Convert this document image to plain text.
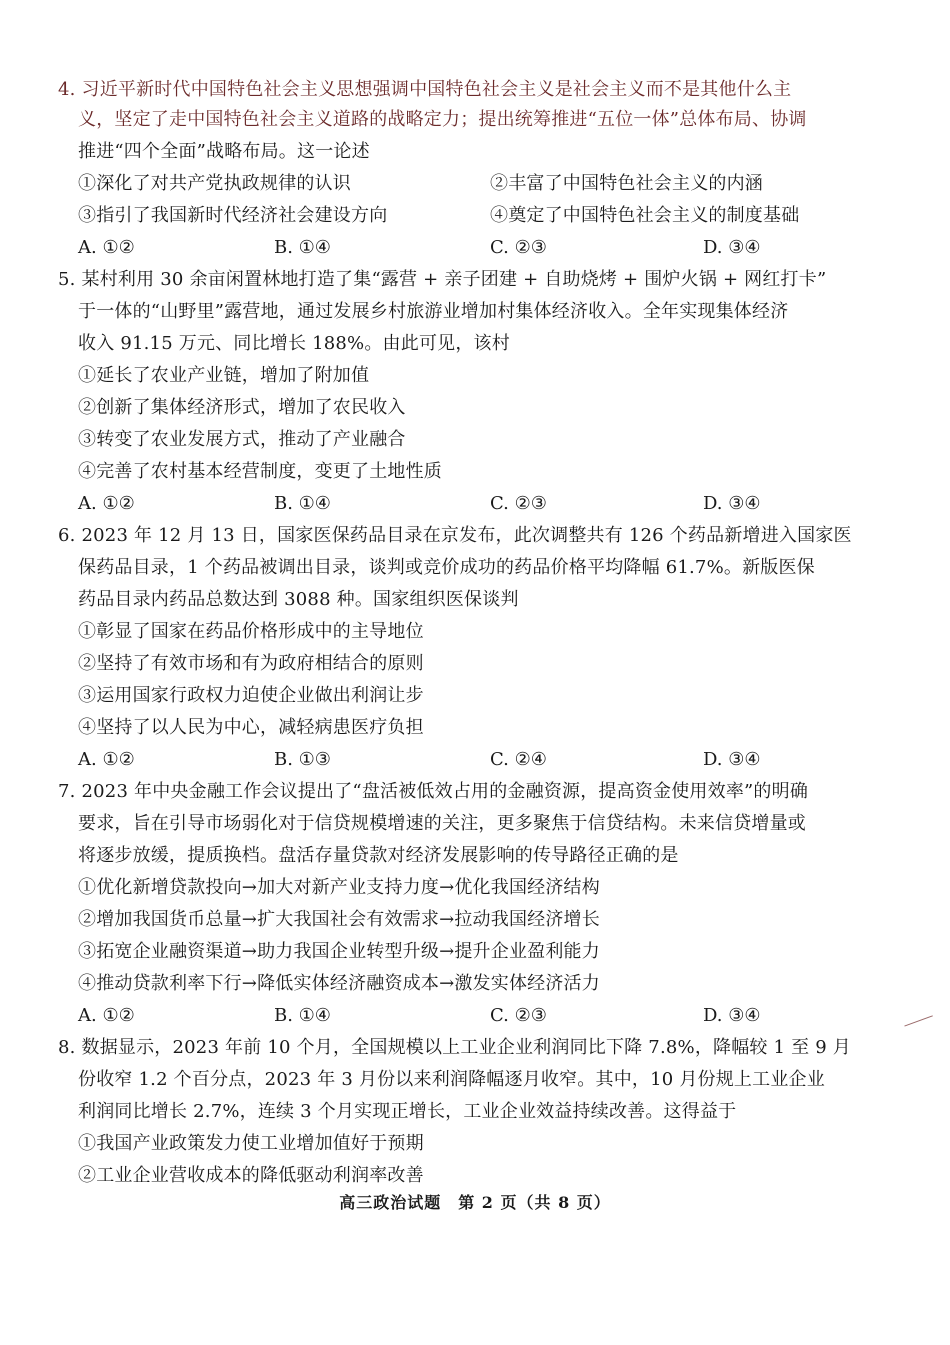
4. 习近平新时代中国特色社会主义思想强调中国特色社会主义是社会主义而不是其他什么主
义，坚定了走中国特色社会主义道路的战略定力；提出统筹推进“五位一体”总体布局、协调
推进“四个全面”战略布局。这一论述
①深化了对共产党执政规律的认识	②丰富了中国特色社会主义的内涵
③指引了我国新时代经济社会建设方向	④奠定了中国特色社会主义的制度基础
A. ①②	B. ①④	C. ②③	D. ③④
5. 某村利用 30 余亩闲置林地打造了集“露营 + 亲子团建 + 自助烧烤 + 围炉火锅 + 网红打卡”
于一体的“山野里”露营地，通过发展乡村旅游业增加村集体经济收入。全年实现集体经济
收入 91.15 万元、同比增长 188%。由此可见，该村
①延长了农业产业链，增加了附加值
②创新了集体经济形式，增加了农民收入
③转变了农业发展方式，推动了产业融合
④完善了农村基本经营制度，变更了土地性质
A. ①②	B. ①④	C. ②③	D. ③④
6. 2023 年 12 月 13 日，国家医保药品目录在京发布，此次调整共有 126 个药品新增进入国家医
保药品目录，1 个药品被调出目录，谈判或竞价成功的药品价格平均降幅 61.7%。新版医保
药品目录内药品总数达到 3088 种。国家组织医保谈判
①彰显了国家在药品价格形成中的主导地位
②坚持了有效市场和有为政府相结合的原则
③运用国家行政权力迫使企业做出利润让步
④坚持了以人民为中心，减轻病患医疗负担
A. ①②	B. ①③	C. ②④	D. ③④
7. 2023 年中央金融工作会议提出了“盘活被低效占用的金融资源，提高资金使用效率”的明确
要求，旨在引导市场弱化对于信贷规模增速的关注，更多聚焦于信贷结构。未来信贷增量或
将逐步放缓，提质换档。盘活存量贷款对经济发展影响的传导路径正确的是
①优化新增贷款投向→加大对新产业支持力度→优化我国经济结构
②增加我国货币总量→扩大我国社会有效需求→拉动我国经济增长
③拓宽企业融资渠道→助力我国企业转型升级→提升企业盈利能力
④推动贷款利率下行→降低实体经济融资成本→激发实体经济活力
A. ①②	B. ①④	C. ②③	D. ③④
8. 数据显示，2023 年前 10 个月，全国规模以上工业企业利润同比下降 7.8%，降幅较 1 至 9 月
份收窄 1.2 个百分点，2023 年 3 月份以来利润降幅逐月收窄。其中，10 月份规上工业企业
利润同比增长 2.7%，连续 3 个月实现正增长，工业企业效益持续改善。这得益于
①我国产业政策发力使工业增加值好于预期
②工业企业营收成本的降低驱动利润率改善
高三政治试题　第 2 页（共 8 页）
